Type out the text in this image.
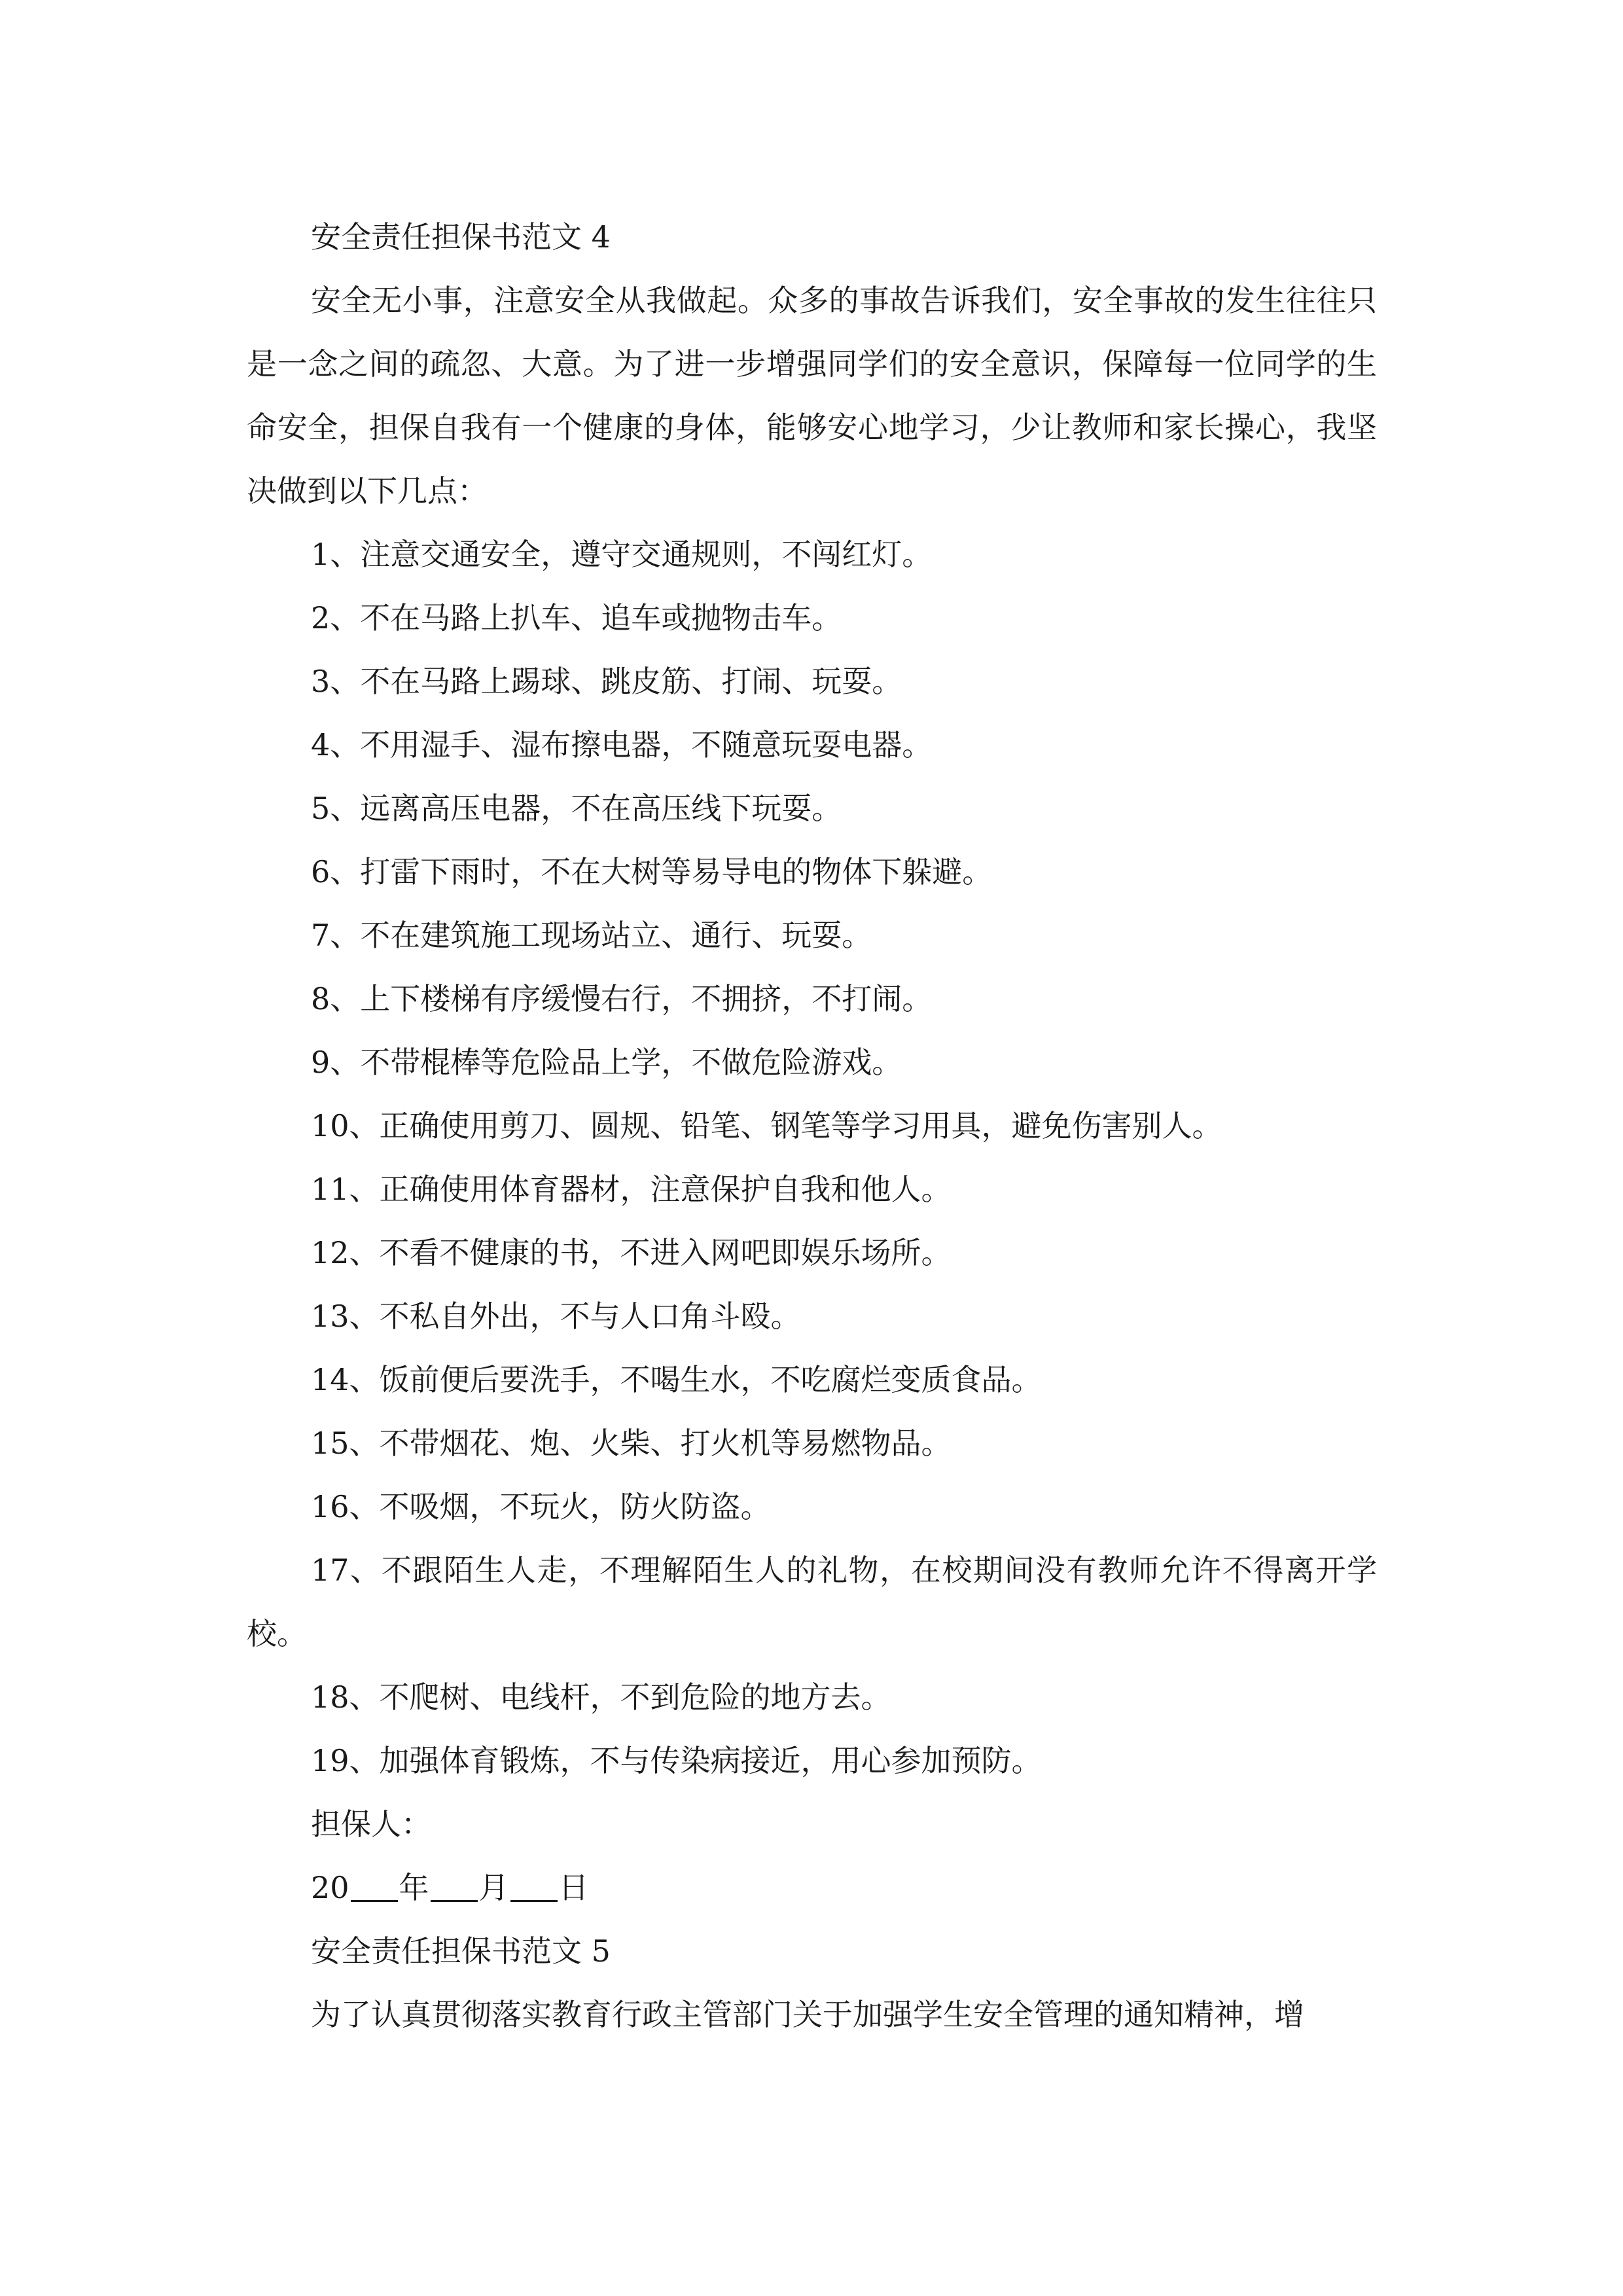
安全责任担保书范文 4

安全无小事，注意安全从我做起。众多的事故告诉我们，安全事故的发生往往只是一念之间的疏忽、大意。为了进一步增强同学们的安全意识，保障每一位同学的生命安全，担保自我有一个健康的身体，能够安心地学习，少让教师和家长操心，我坚决做到以下几点：

1、注意交通安全，遵守交通规则，不闯红灯。

2、不在马路上扒车、追车或抛物击车。

3、不在马路上踢球、跳皮筋、打闹、玩耍。

4、不用湿手、湿布擦电器，不随意玩耍电器。

5、远离高压电器，不在高压线下玩耍。

6、打雷下雨时，不在大树等易导电的物体下躲避。

7、不在建筑施工现场站立、通行、玩耍。

8、上下楼梯有序缓慢右行，不拥挤，不打闹。

9、不带棍棒等危险品上学，不做危险游戏。

10、正确使用剪刀、圆规、铅笔、钢笔等学习用具，避免伤害别人。

11、正确使用体育器材，注意保护自我和他人。

12、不看不健康的书，不进入网吧即娱乐场所。

13、不私自外出，不与人口角斗殴。

14、饭前便后要洗手，不喝生水，不吃腐烂变质食品。

15、不带烟花、炮、火柴、打火机等易燃物品。

16、不吸烟，不玩火，防火防盗。

17、不跟陌生人走，不理解陌生人的礼物，在校期间没有教师允许不得离开学校。

18、不爬树、电线杆，不到危险的地方去。

19、加强体育锻炼，不与传染病接近，用心参加预防。

担保人：

20 年 月 日

安全责任担保书范文 5

为了认真贯彻落实教育行政主管部门关于加强学生安全管理的通知精神，增
